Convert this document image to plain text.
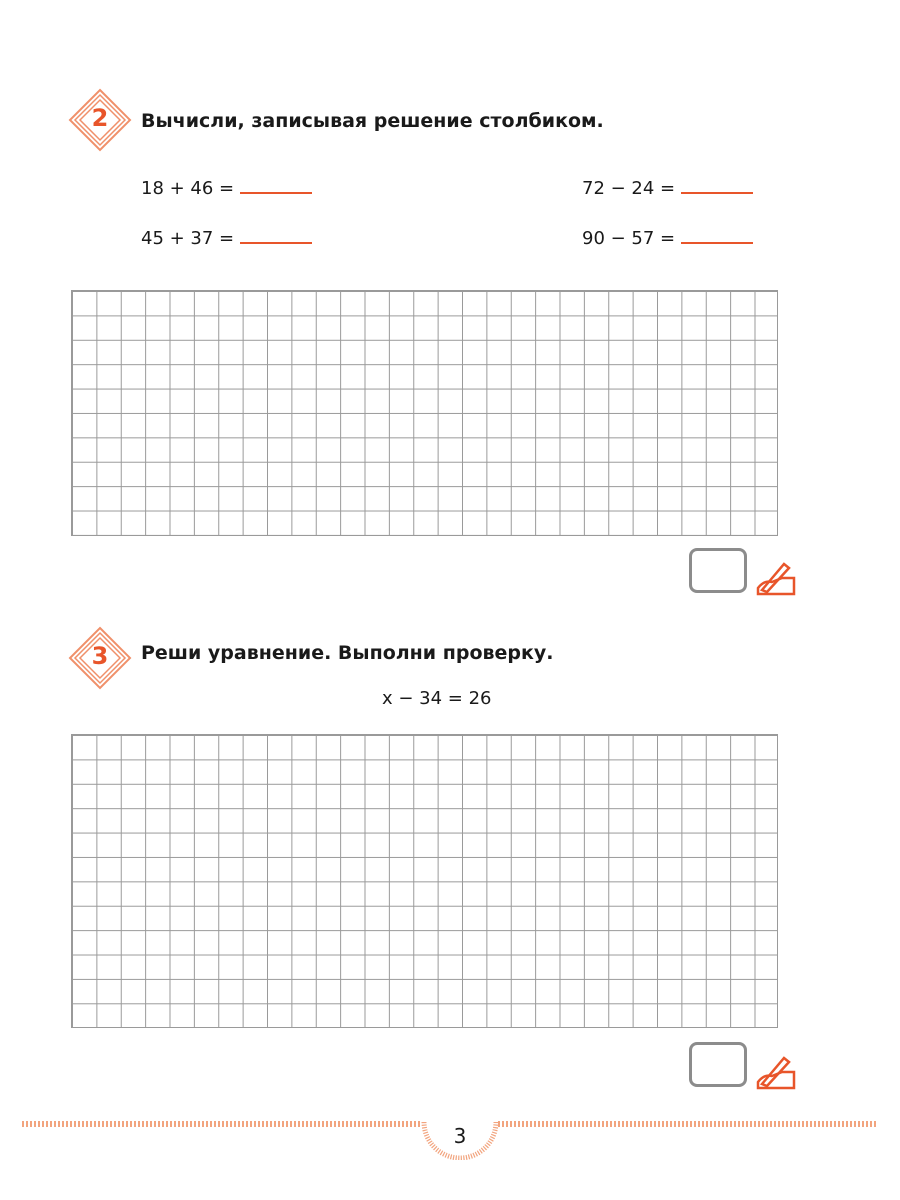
2 Вычисли, записывая решение столбиком.
18 + 46 =	72 − 24 =
45 + 37 =	90 − 57 =
3 Реши уравнение. Выполни проверку.
x − 34 = 26
3
